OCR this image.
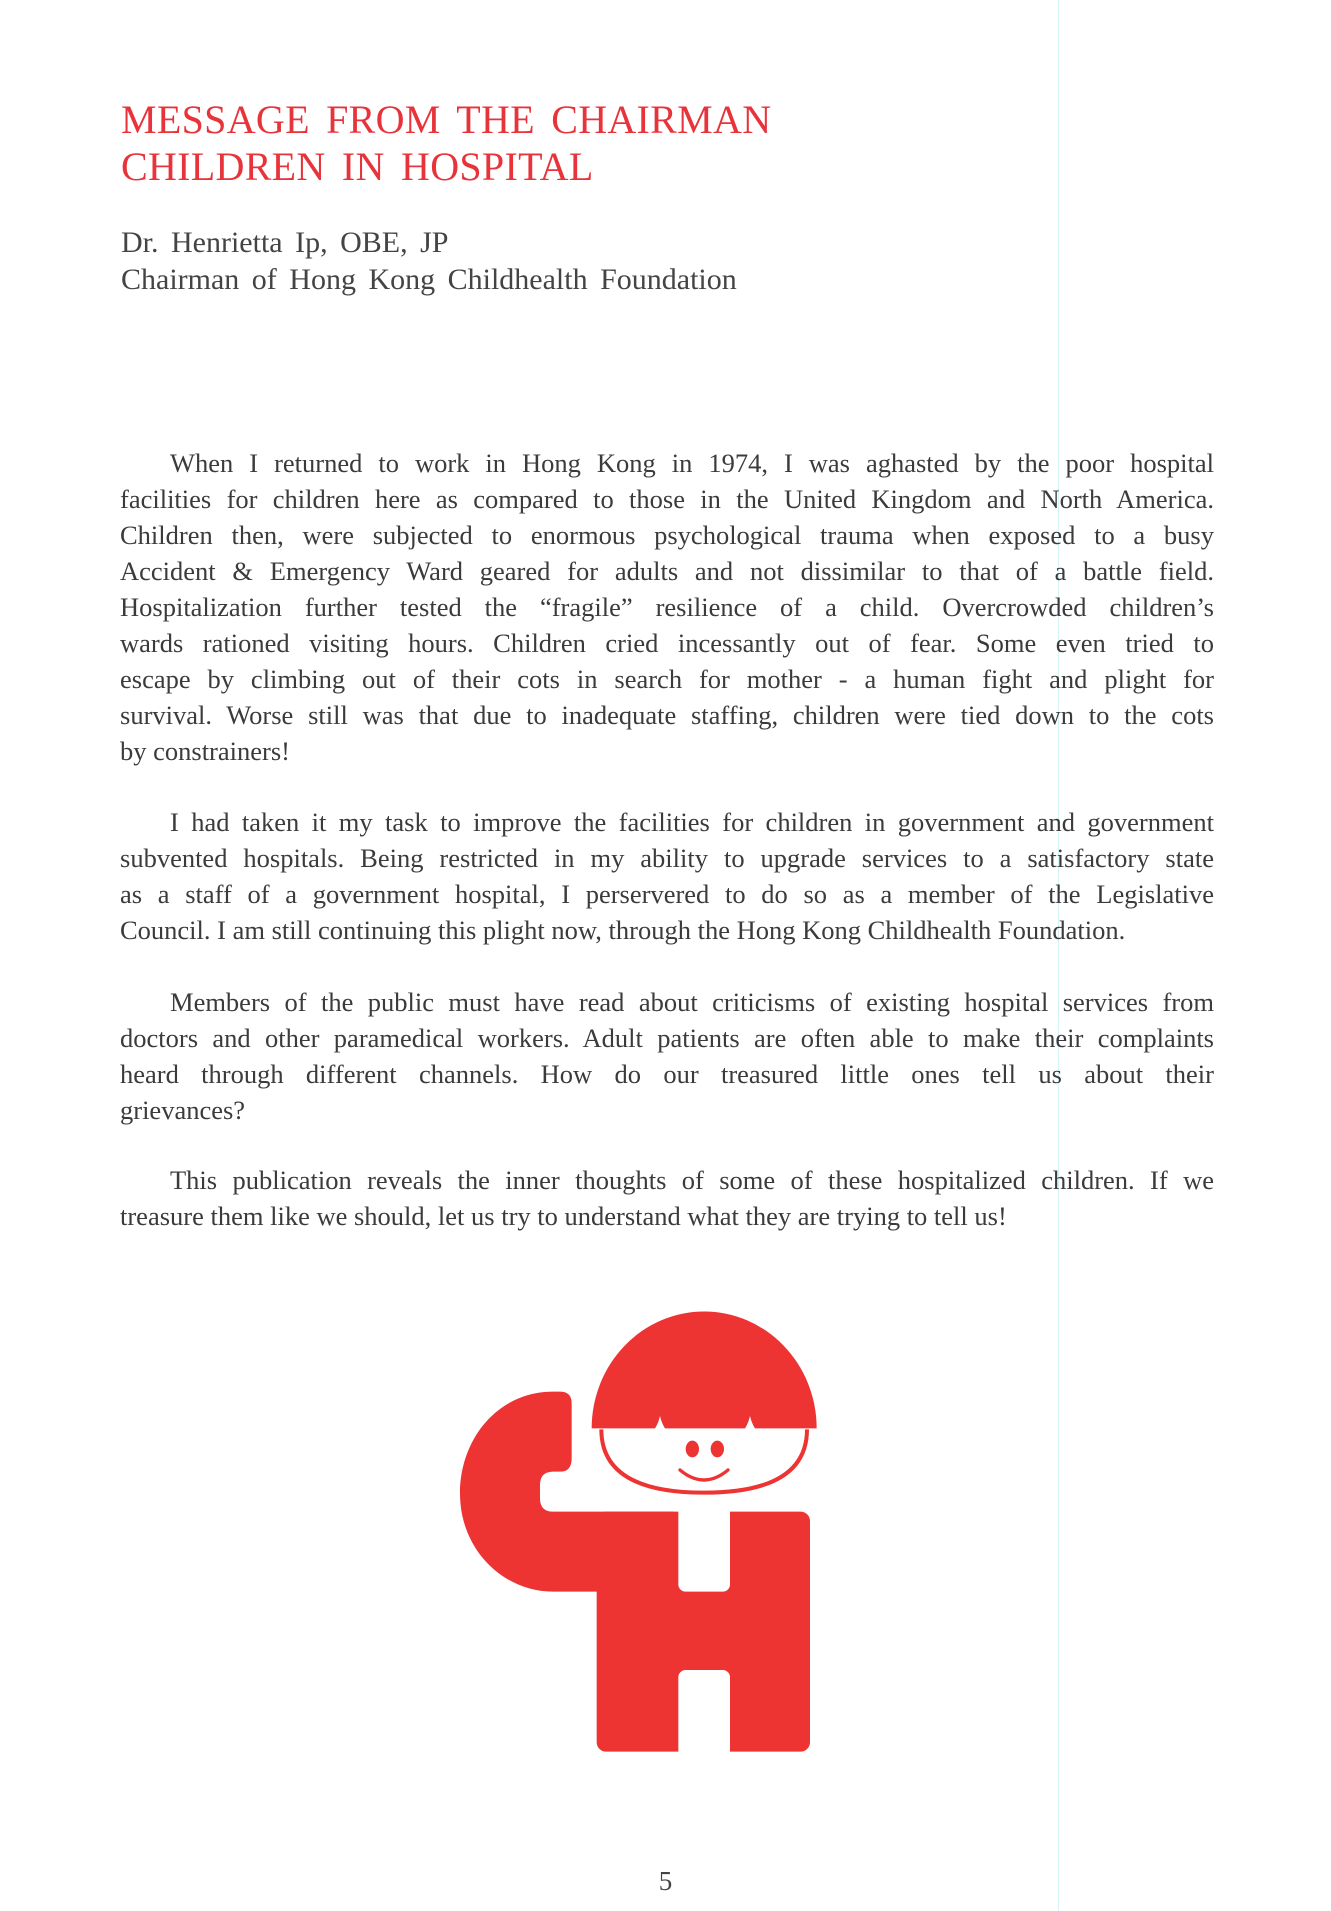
MESSAGE FROM THE CHAIRMAN
CHILDREN IN HOSPITAL
Dr. Henrietta Ip, OBE, JP
Chairman of Hong Kong Childhealth Foundation
When I returned to work in Hong Kong in 1974, I was aghasted by the poor hospital
facilities for children here as compared to those in the United Kingdom and North America.
Children then, were subjected to enormous psychological trauma when exposed to a busy
Accident & Emergency Ward geared for adults and not dissimilar to that of a battle field.
Hospitalization further tested the “fragile” resilience of a child. Overcrowded children’s
wards rationed visiting hours. Children cried incessantly out of fear. Some even tried to
escape by climbing out of their cots in search for mother - a human fight and plight for
survival. Worse still was that due to inadequate staffing, children were tied down to the cots
by constrainers!
I had taken it my task to improve the facilities for children in government and government
subvented hospitals. Being restricted in my ability to upgrade services to a satisfactory state
as a staff of a government hospital, I perservered to do so as a member of the Legislative
Council. I am still continuing this plight now, through the Hong Kong Childhealth Foundation.
Members of the public must have read about criticisms of existing hospital services from
doctors and other paramedical workers. Adult patients are often able to make their complaints
heard through different channels. How do our treasured little ones tell us about their
grievances?
This publication reveals the inner thoughts of some of these hospitalized children. If we
treasure them like we should, let us try to understand what they are trying to tell us!
5
